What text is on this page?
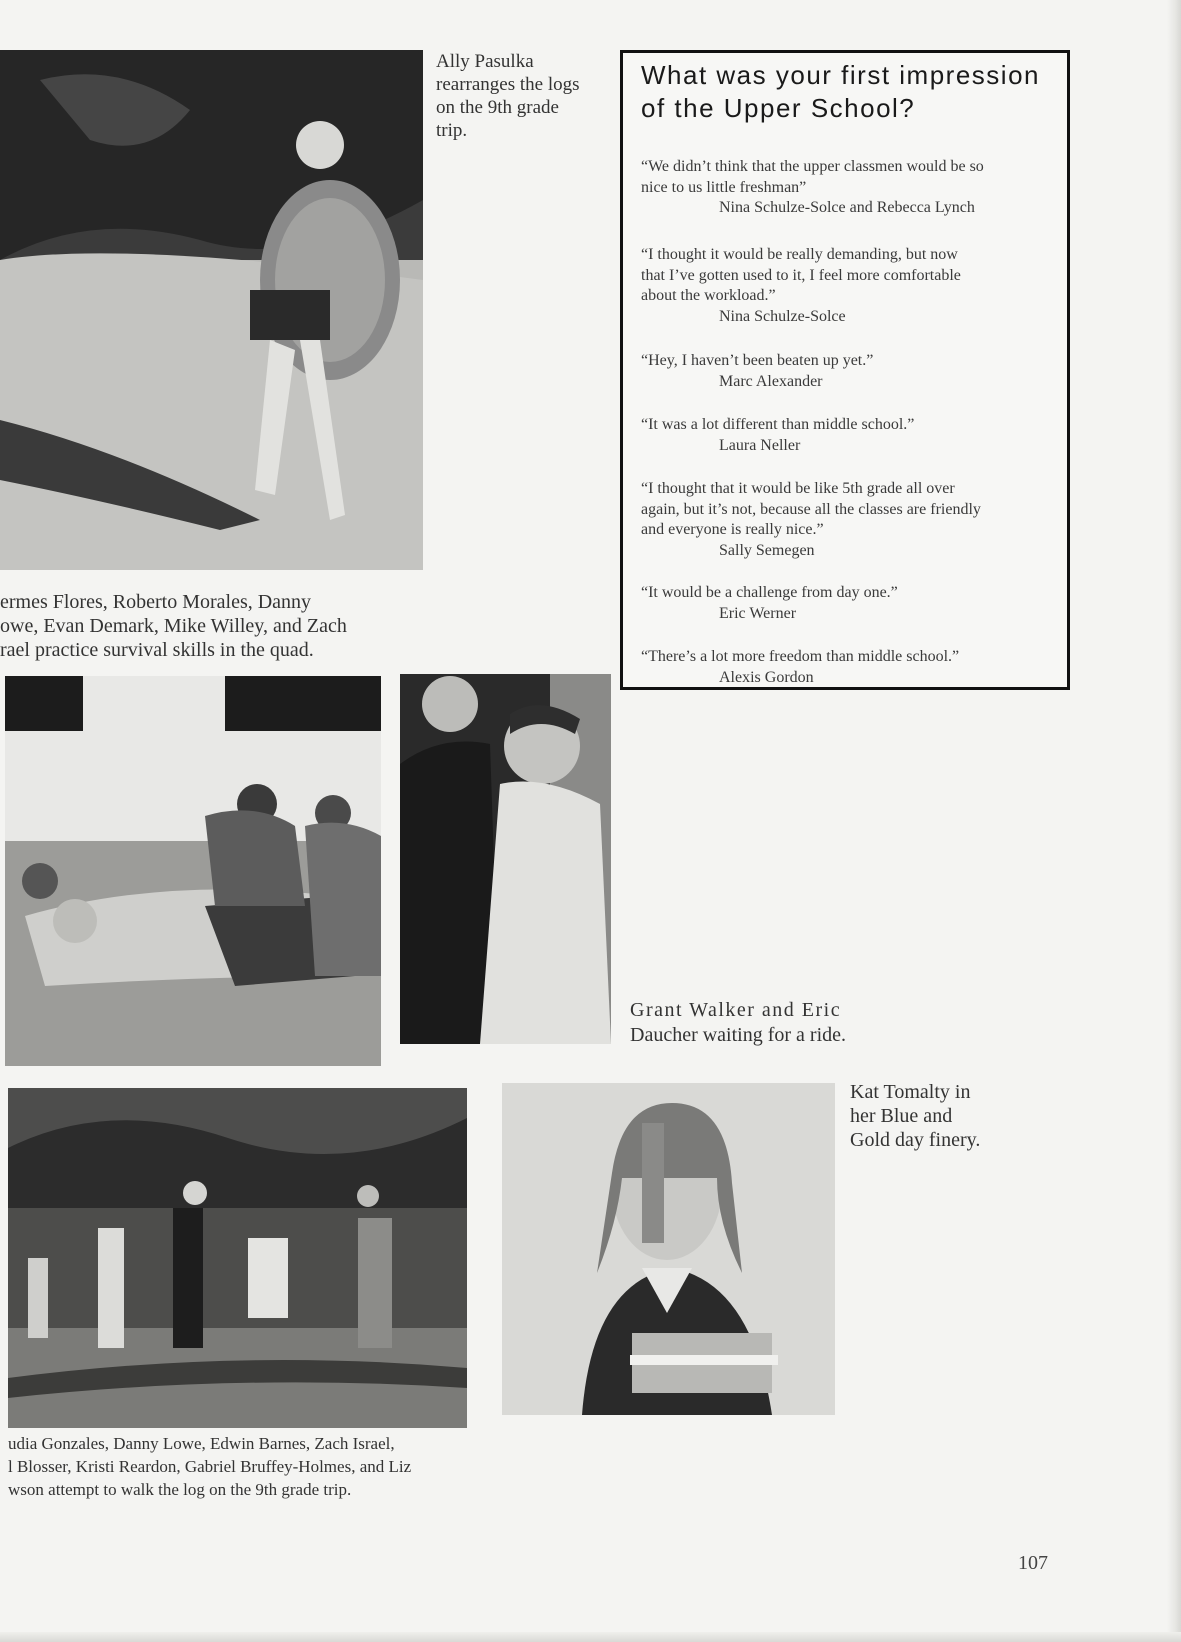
Ally Pasulka
rearranges the logs
on the 9th grade
trip.

What was your first impression
of the Upper School?

“We didn’t think that the upper classmen would be so
nice to us little freshman”
Nina Schulze-Solce and Rebecca Lynch

“I thought it would be really demanding, but now
that I’ve gotten used to it, I feel more comfortable
about the workload.”
Nina Schulze-Solce

“Hey, I haven’t been beaten up yet.”
Marc Alexander

“It was a lot different than middle school.”
Laura Neller

“I thought that it would be like 5th grade all over
again, but it’s not, because all the classes are friendly
and everyone is really nice.”
Sally Semegen

“It would be a challenge from day one.”
Eric Werner

“There’s a lot more freedom than middle school.”
Alexis Gordon

ermes Flores, Roberto Morales, Danny
owe, Evan Demark, Mike Willey, and Zach
rael practice survival skills in the quad.

Grant Walker and Eric
Daucher waiting for a ride.

udia Gonzales, Danny Lowe, Edwin Barnes, Zach Israel,
l Blosser, Kristi Reardon, Gabriel Bruffey-Holmes, and Liz
wson attempt to walk the log on the 9th grade trip.

Kat Tomalty in
her Blue and
Gold day finery.

107
